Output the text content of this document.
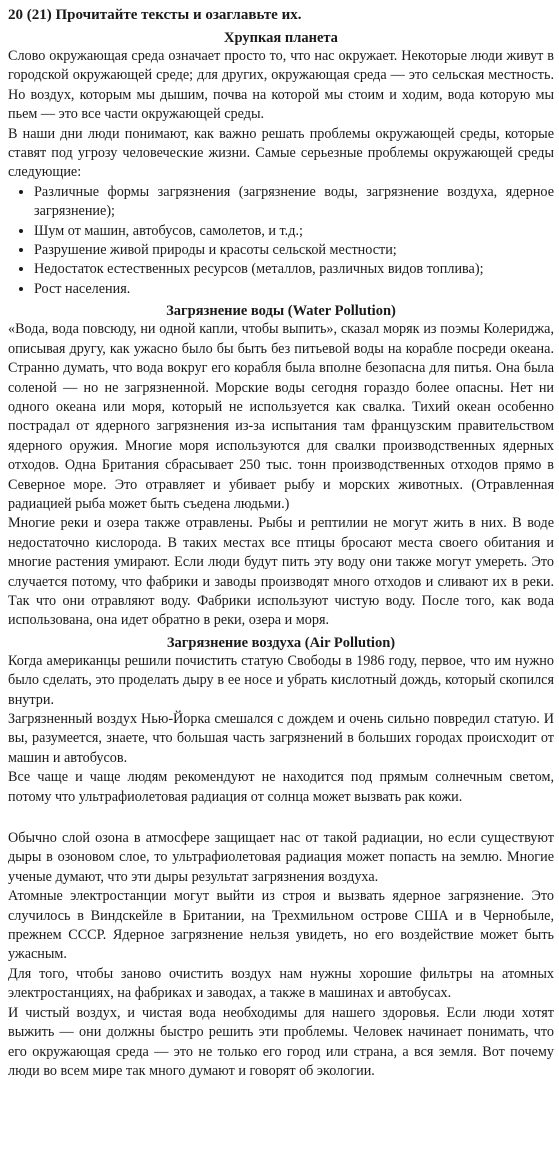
20 (21) Прочитайте тексты и озаглавьте их.
Хрупкая планета

Слово окружающая среда означает просто то, что нас окружает. Некоторые люди живут в городской окружающей среде; для других, окружающая среда — это сельская местность. Но воздух, которым мы дышим, почва на которой мы стоим и ходим, вода которую мы пьем — это все части окружающей среды.

В наши дни люди понимают, как важно решать проблемы окружающей среды, которые ставят под угрозу человеческие жизни. Самые серьезные проблемы окружающей среды следующие:

• Различные формы загрязнения (загрязнение воды, загрязнение воздуха, ядерное загрязнение);
• Шум от машин, автобусов, самолетов, и т.д.;
• Разрушение живой природы и красоты сельской местности;
• Недостаток естественных ресурсов (металлов, различных видов топлива);
• Рост населения.
Загрязнение воды (Water Pollution)

«Вода, вода повсюду, ни одной капли, чтобы выпить», сказал моряк из поэмы Колериджа, описывая другу, как ужасно было бы быть без питьевой воды на корабле посреди океана. Странно думать, что вода вокруг его корабля была вполне безопасна для питья. Она была соленой — но не загрязненной. Морские воды сегодня гораздо более опасны. Нет ни одного океана или моря, который не используется как свалка. Тихий океан особенно пострадал от ядерного загрязнения из-за испытания там французским правительством ядерного оружия. Многие моря используются для свалки производственных ядерных отходов. Одна Британия сбрасывает 250 тыс. тонн производственных отходов прямо в Северное море. Это отравляет и убивает рыбу и морских животных. (Отравленная радиацией рыба может быть съедена людьми.)

Многие реки и озера также отравлены. Рыбы и рептилии не могут жить в них. В воде недостаточно кислорода. В таких местах все птицы бросают места своего обитания и многие растения умирают. Если люди будут пить эту воду они также могут умереть. Это случается потому, что фабрики и заводы производят много отходов и сливают их в реки. Так что они отравляют воду. Фабрики используют чистую воду. После того, как вода использована, она идет обратно в реки, озера и моря.

Загрязнение воздуха (Air Pollution)

Когда американцы решили почистить статую Свободы в 1986 году, первое, что им нужно было сделать, это проделать дыру в ее носе и убрать кислотный дождь, который скопился внутри.

Загрязненный воздух Нью-Йорка смешался с дождем и очень сильно повредил статую. И вы, разумеется, знаете, что большая часть загрязнений в больших городах происходит от машин и автобусов.

Все чаще и чаще людям рекомендуют не находится под прямым солнечным светом, потому что ультрафиолетовая радиация от солнца может вызвать рак кожи.

Обычно слой озона в атмосфере защищает нас от такой радиации, но если существуют дыры в озоновом слое, то ультрафиолетовая радиация может попасть на землю. Многие ученые думают, что эти дыры результат загрязнения воздуха.

Атомные электростанции могут выйти из строя и вызвать ядерное загрязнение. Это случилось в Виндскейле в Британии, на Трехмильном острове США и в Чернобыле, прежнем СССР. Ядерное загрязнение нельзя увидеть, но его воздействие может быть ужасным.

Для того, чтобы заново очистить воздух нам нужны хорошие фильтры на атомных электростанциях, на фабриках и заводах, а также в машинах и автобусах.

И чистый воздух, и чистая вода необходимы для нашего здоровья. Если люди хотят выжить — они должны быстро решить эти проблемы. Человек начинает понимать, что его окружающая среда — это не только его город или страна, а вся земля. Вот почему люди во всем мире так много думают и говорят об экологии.
